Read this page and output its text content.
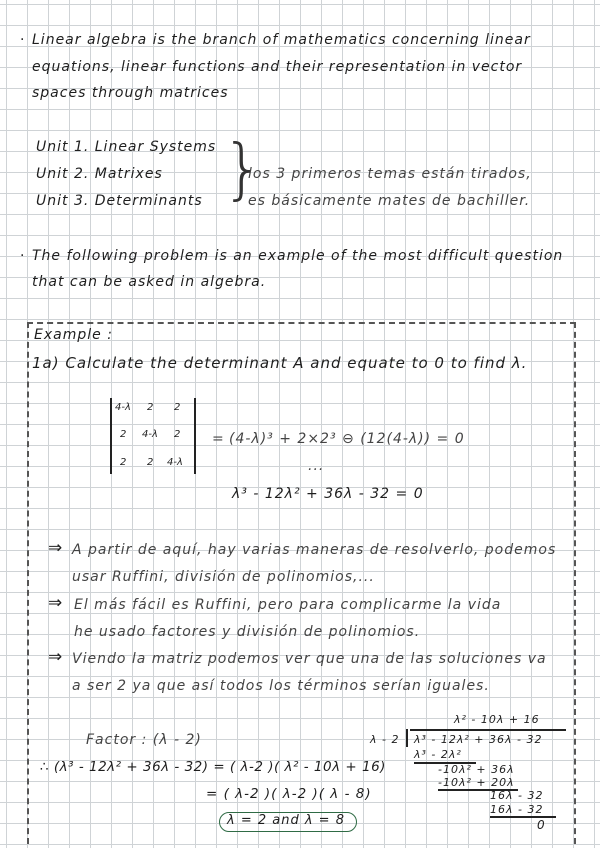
· Linear algebra is the branch of mathematics concerning linear
equations, linear functions and their representation in vector
spaces through matrices
Unit 1. Linear Systems
Unit 2. Matrixes
Unit 3. Determinants }
los 3 primeros temas están tirados,
es básicamente mates de bachiller.
· The following problem is an example of the most difficult question
that can be asked in algebra.
Example :
1a) Calculate the determinant A and equate to 0 to find λ.
4-λ 2 2
2 4-λ 2
2 2 4-λ
= (4-λ)³ + 2×2³ ⊖ (12(4-λ)) = 0
...
λ³ - 12λ² + 36λ - 32 = 0
⇒ A partir de aquí, hay varias maneras de resolverlo, podemos
usar Ruffini, división de polinomios,...
⇒ El más fácil es Ruffini, pero para complicarme la vida
he usado factores y división de polinomios.
⇒ Viendo la matriz podemos ver que una de las soluciones va
a ser 2 ya que así todos los términos serían iguales.
Factor : (λ - 2)
∴ (λ³ - 12λ² + 36λ - 32) = ( λ-2 )( λ² - 10λ + 16)
= ( λ-2 )( λ-2 )( λ - 8)
λ = 2 and λ = 8
λ² - 10λ + 16
λ - 2 λ³ - 12λ² + 36λ - 32
λ³ - 2λ²
-10λ² + 36λ
-10λ² + 20λ
16λ - 32
16λ - 32
0
